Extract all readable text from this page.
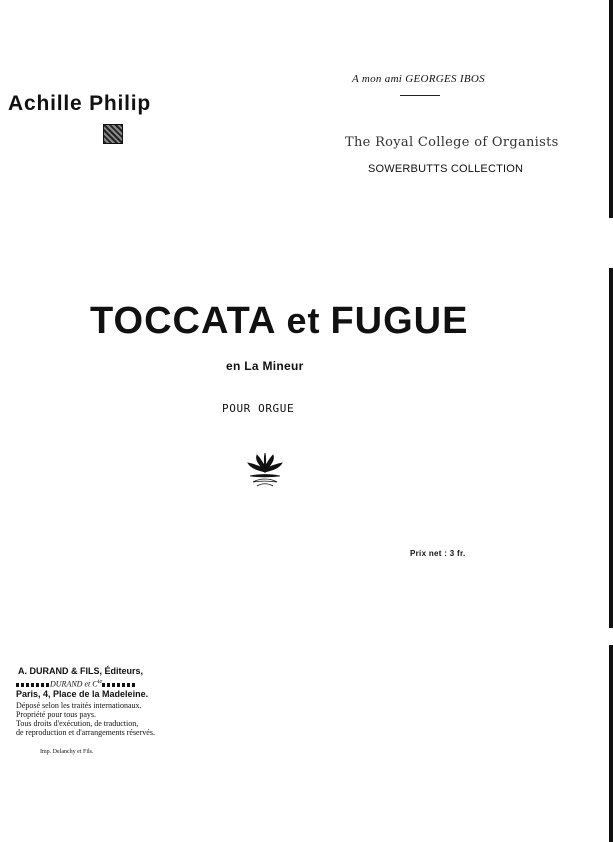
A mon ami GEORGES IBOS
Achille Philip
The Royal College of Organists
SOWERBUTTS COLLECTION
TOCCATA et FUGUE
en La Mineur
POUR ORGUE
Prix net : 3 fr.
A. DURAND & FILS, Éditeurs,
DURAND et $C^{ie}$
Paris, 4, Place de la Madeleine.
Déposé selon les traités internationaux.
Propriété pour tous pays.
Tous droits d'exécution, de traduction,
de reproduction et d'arrangements réservés.
Imp. Delanchy et Fils.
